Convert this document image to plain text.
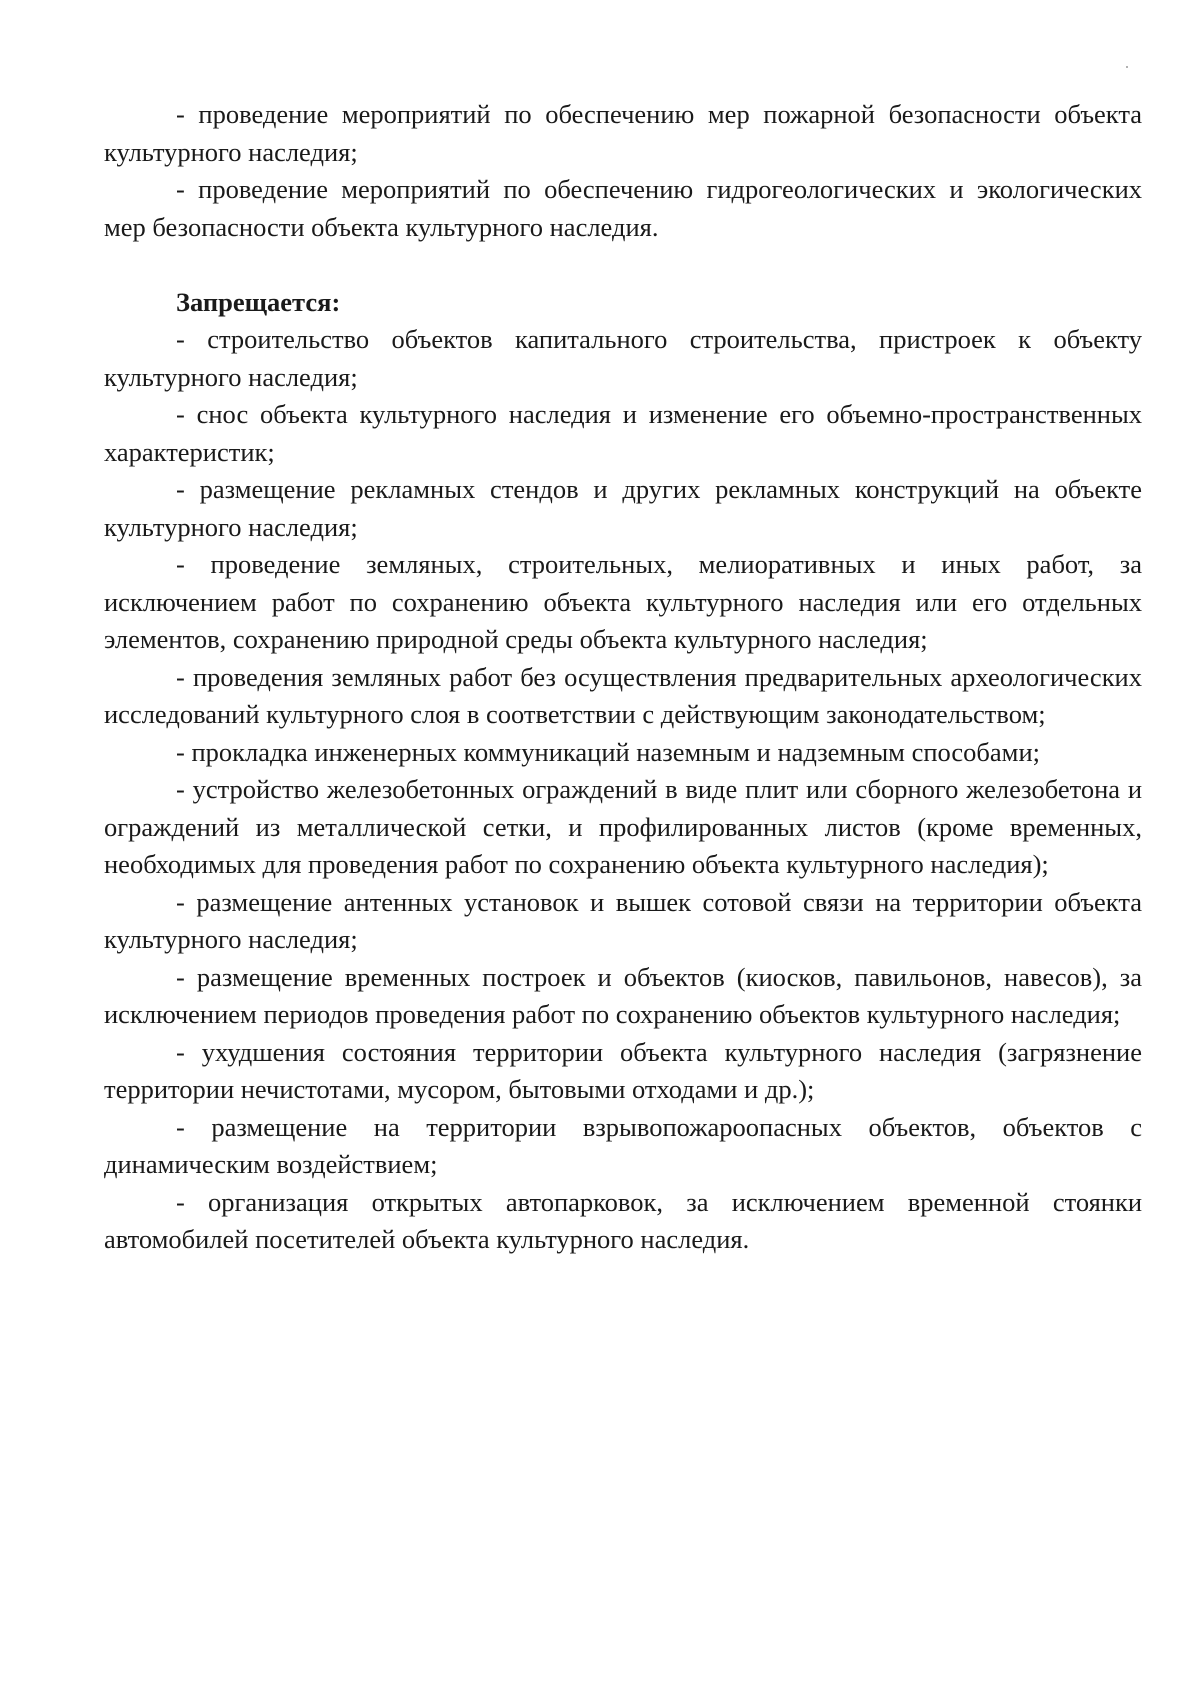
- проведение мероприятий по обеспечению мер пожарной безопасности объекта культурного наследия;

- проведение мероприятий по обеспечению гидрогеологических и экологических мер безопасности объекта культурного наследия.

Запрещается:

- строительство объектов капитального строительства, пристроек к объекту культурного наследия;

- снос объекта культурного наследия и изменение его объемно-пространственных характеристик;

- размещение рекламных стендов и других рекламных конструкций на объекте культурного наследия;

- проведение земляных, строительных, мелиоративных и иных работ, за исключением работ по сохранению объекта культурного наследия или его отдельных элементов, сохранению природной среды объекта культурного наследия;

- проведения земляных работ без осуществления предварительных археологических исследований культурного слоя в соответствии с действующим законодательством;

- прокладка инженерных коммуникаций наземным и надземным способами;

- устройство железобетонных ограждений в виде плит или сборного железобетона и ограждений из металлической сетки, и профилированных листов (кроме временных, необходимых для проведения работ по сохранению объекта культурного наследия);

- размещение антенных установок и вышек сотовой связи на территории объекта культурного наследия;

- размещение временных построек и объектов (киосков, павильонов, навесов), за исключением периодов проведения работ по сохранению объектов культурного наследия;

- ухудшения состояния территории объекта культурного наследия (загрязнение территории нечистотами, мусором, бытовыми отходами и др.);

- размещение на территории взрывопожароопасных объектов, объектов с динамическим воздействием;

- организация открытых автопарковок, за исключением временной стоянки автомобилей посетителей объекта культурного наследия.
